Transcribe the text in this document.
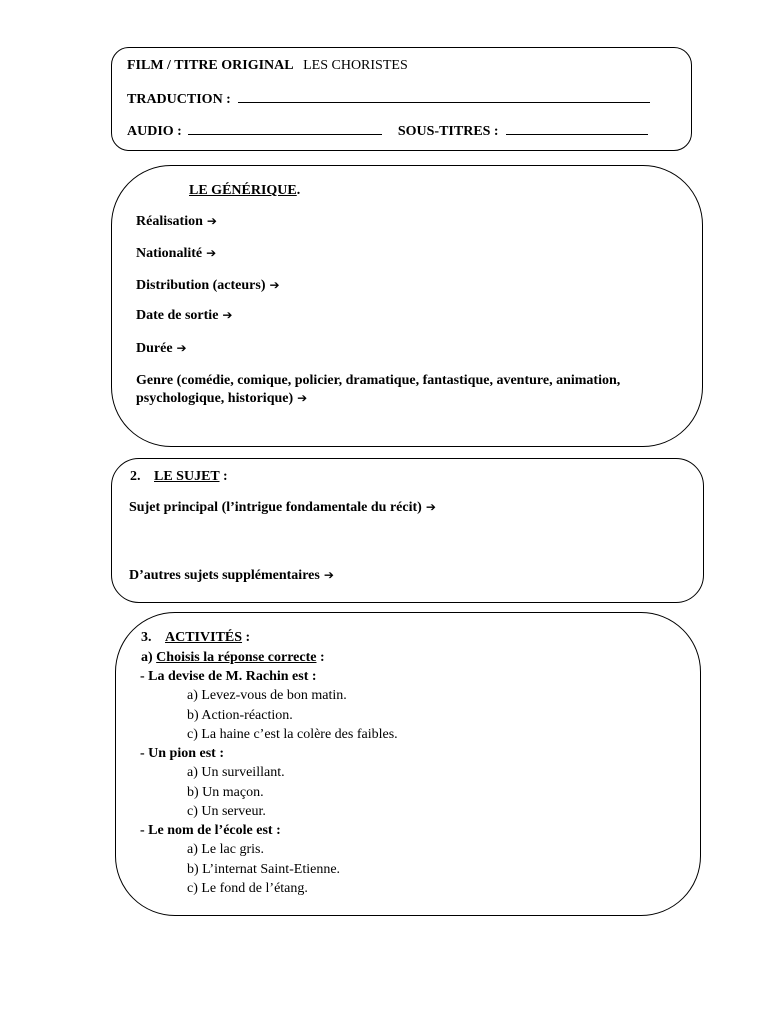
FILM / TITRE ORIGINAL LES CHORISTES
TRADUCTION :
AUDIO :	SOUS-TITRES :
LE GÉNÉRIQUE.
Réalisation ➔
Nationalité ➔
Distribution (acteurs) ➔
Date de sortie ➔
Durée ➔
Genre (comédie, comique, policier, dramatique, fantastique, aventure, animation,
psychologique, historique) ➔
2. LE SUJET :
Sujet principal (l’intrigue fondamentale du récit) ➔
D’autres sujets supplémentaires ➔
3. ACTIVITÉS :
a) Choisis la réponse correcte :
- La devise de M. Rachin est :
a) Levez-vous de bon matin.
b) Action-réaction.
c) La haine c’est la colère des faibles.
- Un pion est :
a) Un surveillant.
b) Un maçon.
c) Un serveur.
- Le nom de l’école est :
a) Le lac gris.
b) L’internat Saint-Etienne.
c) Le fond de l’étang.
